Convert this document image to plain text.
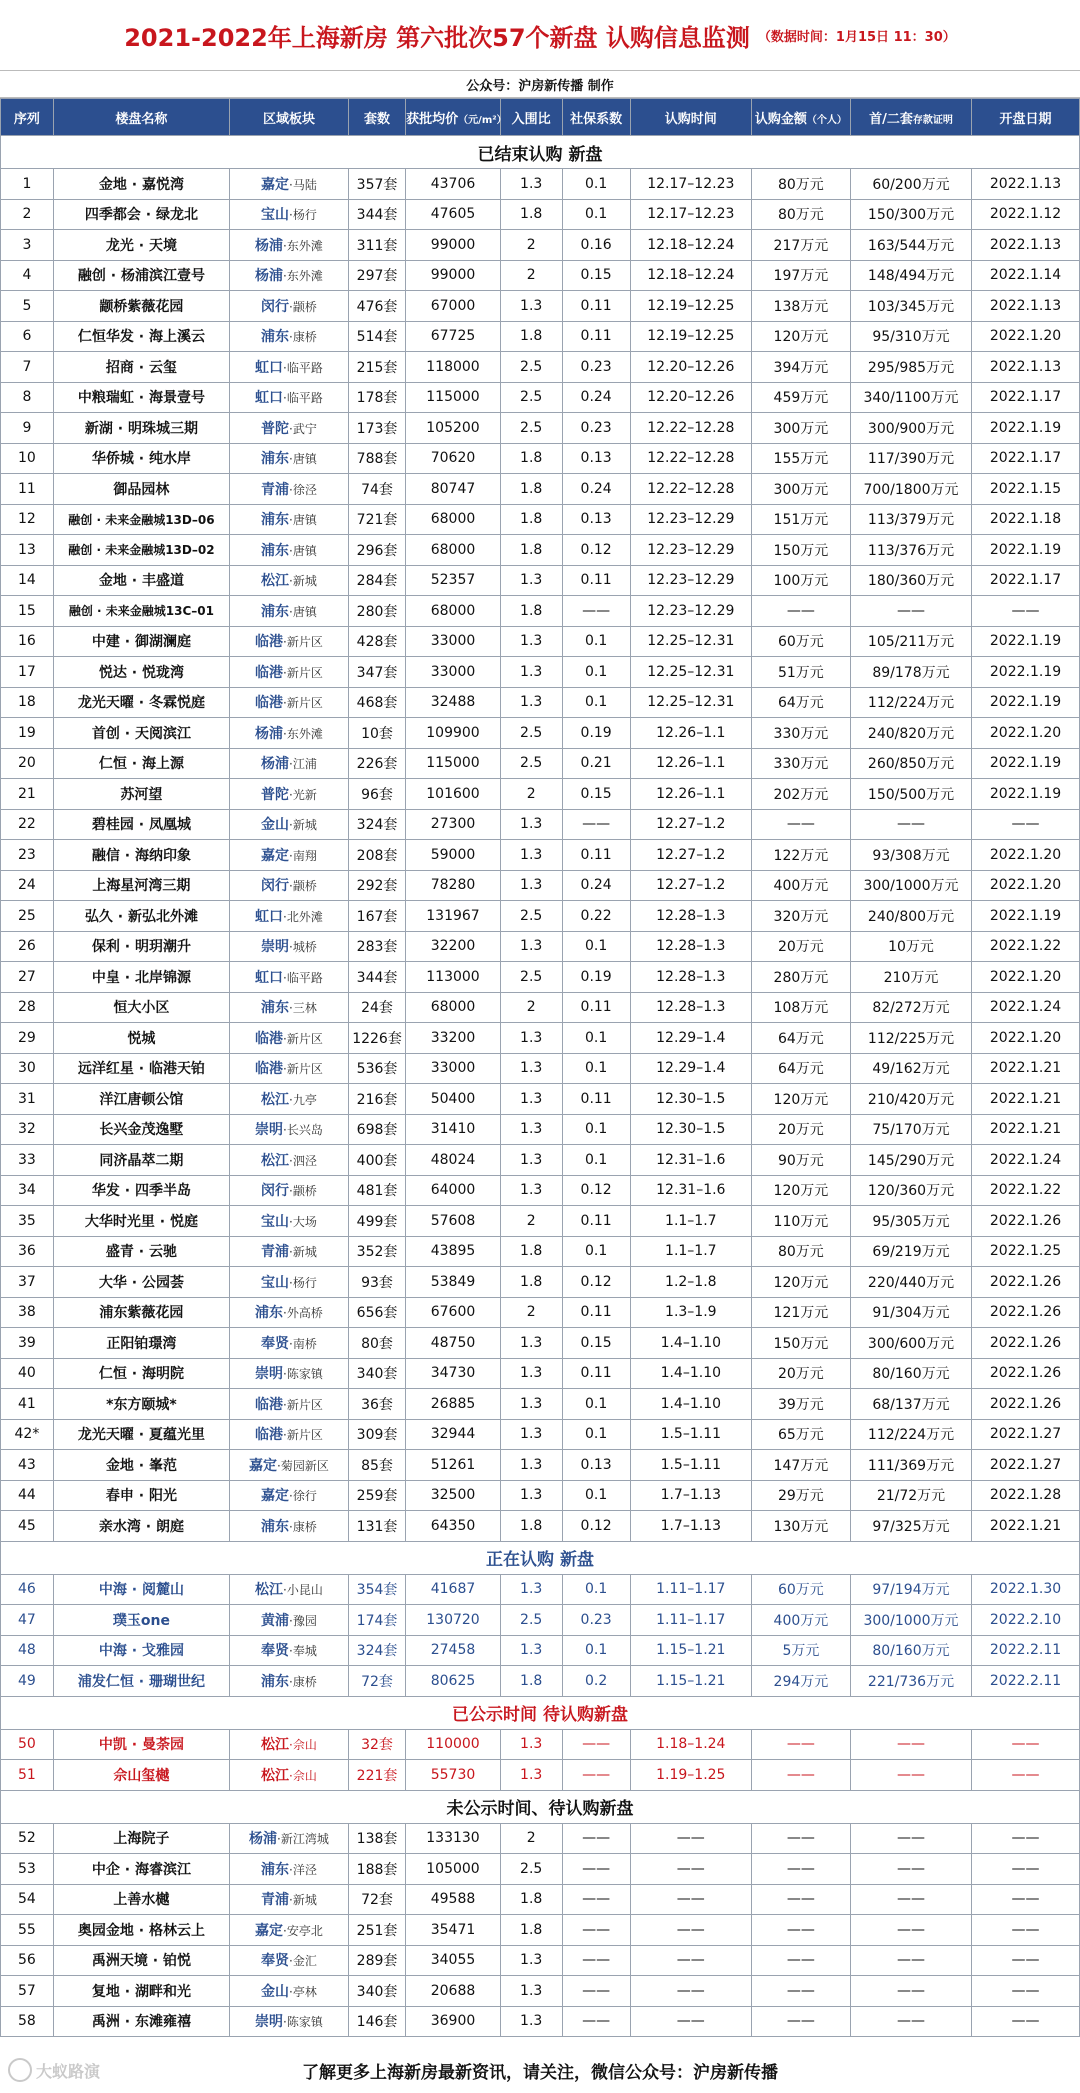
2021-2022年上海新房 第六批次57个新盘 认购信息监测 （数据时间：1月15日 11：30）
公众号：沪房新传播 制作
序列	楼盘名称	区域板块	套数	获批均价（元/m²）	入围比	社保系数	认购时间	认购金额（个人）	首/二套存款证明	开盘日期
已结束认购 新盘										
1	金地 · 嘉悦湾	嘉定·马陆	357套	43706	1.3	0.1	12.17–12.23	80万元	60/200万元	2022.1.13
2	四季都会 · 绿龙北	宝山·杨行	344套	47605	1.8	0.1	12.17–12.23	80万元	150/300万元	2022.1.12
3	龙光 · 天境	杨浦·东外滩	311套	99000	2	0.16	12.18–12.24	217万元	163/544万元	2022.1.13
4	融创 · 杨浦滨江壹号	杨浦·东外滩	297套	99000	2	0.15	12.18–12.24	197万元	148/494万元	2022.1.14
5	颛桥紫薇花园	闵行·颛桥	476套	67000	1.3	0.11	12.19–12.25	138万元	103/345万元	2022.1.13
6	仁恒华发 · 海上溪云	浦东·康桥	514套	67725	1.8	0.11	12.19–12.25	120万元	95/310万元	2022.1.20
7	招商 · 云玺	虹口·临平路	215套	118000	2.5	0.23	12.20–12.26	394万元	295/985万元	2022.1.13
8	中粮瑞虹 · 海景壹号	虹口·临平路	178套	115000	2.5	0.24	12.20–12.26	459万元	340/1100万元	2022.1.17
9	新湖 · 明珠城三期	普陀·武宁	173套	105200	2.5	0.23	12.22–12.28	300万元	300/900万元	2022.1.19
10	华侨城 · 纯水岸	浦东·唐镇	788套	70620	1.8	0.13	12.22–12.28	155万元	117/390万元	2022.1.17
11	御品园林	青浦·徐泾	74套	80747	1.8	0.24	12.22–12.28	300万元	700/1800万元	2022.1.15
12	融创 · 未来金融城13D–06	浦东·唐镇	721套	68000	1.8	0.13	12.23–12.29	151万元	113/379万元	2022.1.18
13	融创 · 未来金融城13D–02	浦东·唐镇	296套	68000	1.8	0.12	12.23–12.29	150万元	113/376万元	2022.1.19
14	金地 · 丰盛道	松江·新城	284套	52357	1.3	0.11	12.23–12.29	100万元	180/360万元	2022.1.17
15	融创 · 未来金融城13C–01	浦东·唐镇	280套	68000	1.8	——	12.23–12.29	——	——	——
16	中建 · 御湖澜庭	临港·新片区	428套	33000	1.3	0.1	12.25–12.31	60万元	105/211万元	2022.1.19
17	悦达 · 悦珑湾	临港·新片区	347套	33000	1.3	0.1	12.25–12.31	51万元	89/178万元	2022.1.19
18	龙光天曜 · 冬霖悦庭	临港·新片区	468套	32488	1.3	0.1	12.25–12.31	64万元	112/224万元	2022.1.19
19	首创 · 天阅滨江	杨浦·东外滩	10套	109900	2.5	0.19	12.26–1.1	330万元	240/820万元	2022.1.20
20	仁恒 · 海上源	杨浦·江浦	226套	115000	2.5	0.21	12.26–1.1	330万元	260/850万元	2022.1.19
21	苏河望	普陀·光新	96套	101600	2	0.15	12.26–1.1	202万元	150/500万元	2022.1.19
22	碧桂园 · 凤凰城	金山·新城	324套	27300	1.3	——	12.27–1.2	——	——	——
23	融信 · 海纳印象	嘉定·南翔	208套	59000	1.3	0.11	12.27–1.2	122万元	93/308万元	2022.1.20
24	上海星河湾三期	闵行·颛桥	292套	78280	1.3	0.24	12.27–1.2	400万元	300/1000万元	2022.1.20
25	弘久 · 新弘北外滩	虹口·北外滩	167套	131967	2.5	0.22	12.28–1.3	320万元	240/800万元	2022.1.19
26	保利 · 明玥潮升	崇明·城桥	283套	32200	1.3	0.1	12.28–1.3	20万元	10万元	2022.1.22
27	中皇 · 北岸锦源	虹口·临平路	344套	113000	2.5	0.19	12.28–1.3	280万元	210万元	2022.1.20
28	恒大小区	浦东·三林	24套	68000	2	0.11	12.28–1.3	108万元	82/272万元	2022.1.24
29	悦城	临港·新片区	1226套	33200	1.3	0.1	12.29–1.4	64万元	112/225万元	2022.1.20
30	远洋红星 · 临港天铂	临港·新片区	536套	33000	1.3	0.1	12.29–1.4	64万元	49/162万元	2022.1.21
31	洋江唐顿公馆	松江·九亭	216套	50400	1.3	0.11	12.30–1.5	120万元	210/420万元	2022.1.21
32	长兴金茂逸墅	崇明·长兴岛	698套	31410	1.3	0.1	12.30–1.5	20万元	75/170万元	2022.1.21
33	同济晶萃二期	松江·泗泾	400套	48024	1.3	0.1	12.31–1.6	90万元	145/290万元	2022.1.24
34	华发 · 四季半岛	闵行·颛桥	481套	64000	1.3	0.12	12.31–1.6	120万元	120/360万元	2022.1.22
35	大华时光里 · 悦庭	宝山·大场	499套	57608	2	0.11	1.1–1.7	110万元	95/305万元	2022.1.26
36	盛青 · 云驰	青浦·新城	352套	43895	1.8	0.1	1.1–1.7	80万元	69/219万元	2022.1.25
37	大华 · 公园荟	宝山·杨行	93套	53849	1.8	0.12	1.2–1.8	120万元	220/440万元	2022.1.26
38	浦东紫薇花园	浦东·外高桥	656套	67600	2	0.11	1.3–1.9	121万元	91/304万元	2022.1.26
39	正阳铂璟湾	奉贤·南桥	80套	48750	1.3	0.15	1.4–1.10	150万元	300/600万元	2022.1.26
40	仁恒 · 海明院	崇明·陈家镇	340套	34730	1.3	0.11	1.4–1.10	20万元	80/160万元	2022.1.26
41	*东方颐城*	临港·新片区	36套	26885	1.3	0.1	1.4–1.10	39万元	68/137万元	2022.1.26
42*	龙光天曜 · 夏蕴光里	临港·新片区	309套	32944	1.3	0.1	1.5–1.11	65万元	112/224万元	2022.1.27
43	金地 · 峯范	嘉定·菊园新区	85套	51261	1.3	0.13	1.5–1.11	147万元	111/369万元	2022.1.27
44	春申 · 阳光	嘉定·徐行	259套	32500	1.3	0.1	1.7–1.13	29万元	21/72万元	2022.1.28
45	亲水湾 · 朗庭	浦东·康桥	131套	64350	1.8	0.12	1.7–1.13	130万元	97/325万元	2022.1.21
正在认购 新盘										
46	中海 · 阅麓山	松江·小昆山	354套	41687	1.3	0.1	1.11–1.17	60万元	97/194万元	2022.1.30
47	璞玉one	黄浦·豫园	174套	130720	2.5	0.23	1.11–1.17	400万元	300/1000万元	2022.2.10
48	中海 · 戈雅园	奉贤·奉城	324套	27458	1.3	0.1	1.15–1.21	5万元	80/160万元	2022.2.11
49	浦发仁恒 · 珊瑚世纪	浦东·康桥	72套	80625	1.8	0.2	1.15–1.21	294万元	221/736万元	2022.2.11
已公示时间 待认购新盘										
50	中凯 · 曼荼园	松江·佘山	32套	110000	1.3	——	1.18–1.24	——	——	——
51	佘山玺樾	松江·佘山	221套	55730	1.3	——	1.19–1.25	——	——	——
未公示时间、待认购新盘										
52	上海院子	杨浦·新江湾城	138套	133130	2	——	——	——	——	——
53	中企 · 海睿滨江	浦东·洋泾	188套	105000	2.5	——	——	——	——	——
54	上善水樾	青浦·新城	72套	49588	1.8	——	——	——	——	——
55	奥园金地 · 格林云上	嘉定·安亭北	251套	35471	1.8	——	——	——	——	——
56	禹洲天境 · 铂悦	奉贤·金汇	289套	34055	1.3	——	——	——	——	——
57	复地 · 湖畔和光	金山·亭林	340套	20688	1.3	——	——	——	——	——
58	禹洲 · 东滩雍禧	崇明·陈家镇	146套	36900	1.3	——	——	——	——	——
了解更多上海新房最新资讯，请关注，微信公众号：沪房新传播
大蚁路演
